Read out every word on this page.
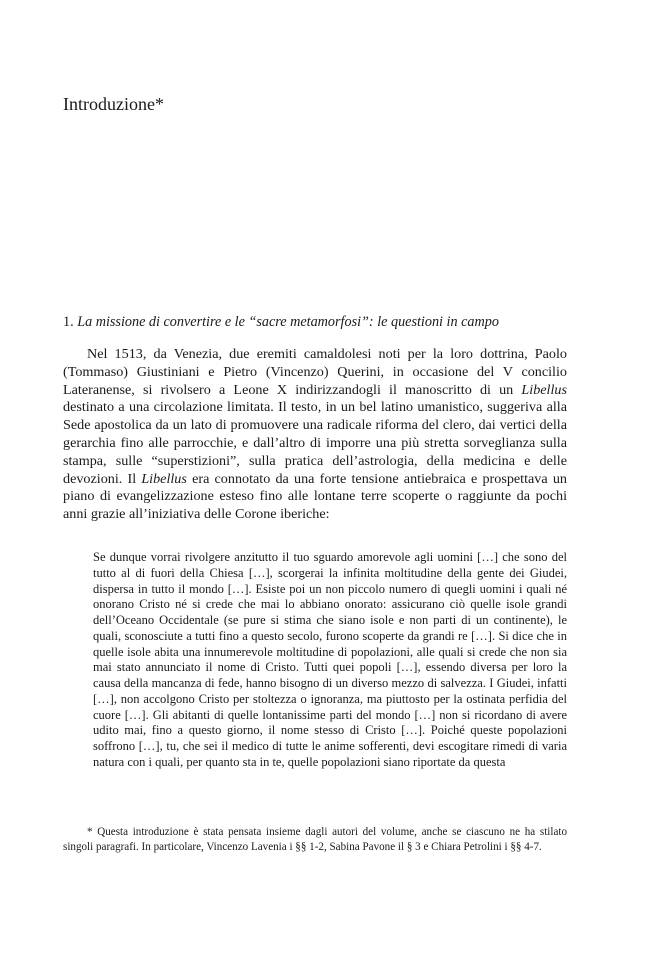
Introduzione*
1. La missione di convertire e le “sacre metamorfosi”: le questioni in campo

Nel 1513, da Venezia, due eremiti camaldolesi noti per la loro dottrina, Paolo (Tommaso) Giustiniani e Pietro (Vincenzo) Querini, in occasione del V concilio Lateranense, si rivolsero a Leone X indirizzandogli il manoscritto di un Libellus destinato a una circolazione limitata. Il testo, in un bel latino umanistico, suggeriva alla Sede apostolica da un lato di promuovere una radicale riforma del clero, dai vertici della gerarchia fino alle parrocchie, e dall’altro di imporre una più stretta sorveglianza sulla stampa, sulle “superstizioni”, sulla pratica dell’astrologia, della medicina e delle devozioni. Il Libellus era connotato da una forte tensione antiebraica e prospettava un piano di evangelizzazione esteso fino alle lontane terre scoperte o raggiunte da pochi anni grazie all’iniziativa delle Corone iberiche:

Se dunque vorrai rivolgere anzitutto il tuo sguardo amorevole agli uomini […] che sono del tutto al di fuori della Chiesa […], scorgerai la infinita moltitudine della gente dei Giudei, dispersa in tutto il mondo […]. Esiste poi un non piccolo numero di quegli uomini i quali né onorano Cristo né si crede che mai lo abbiano onorato: assicurano ciò quelle isole grandi dell’Oceano Occidentale (se pure si stima che siano isole e non parti di un continente), le quali, sconosciute a tutti fino a questo secolo, furono scoperte da grandi re […]. Si dice che in quelle isole abita una innumerevole moltitudine di popolazioni, alle quali si crede che non sia mai stato annunciato il nome di Cristo. Tutti quei popoli […], essendo diversa per loro la causa della mancanza di fede, hanno bisogno di un diverso mezzo di salvezza. I Giudei, infatti […], non accolgono Cristo per stoltezza o ignoranza, ma piuttosto per la ostinata perfidia del cuore […]. Gli abitanti di quelle lontanissime parti del mondo […] non si ricordano di avere udito mai, fino a questo giorno, il nome stesso di Cristo […]. Poiché queste popolazioni soffrono […], tu, che sei il medico di tutte le anime sofferenti, devi escogitare rimedi di varia natura con i quali, per quanto sta in te, quelle popolazioni siano riportate da questa

* Questa introduzione è stata pensata insieme dagli autori del volume, anche se ciascuno ne ha stilato singoli paragrafi. In particolare, Vincenzo Lavenia i §§ 1-2, Sabina Pavone il § 3 e Chiara Petrolini i §§ 4-7.
